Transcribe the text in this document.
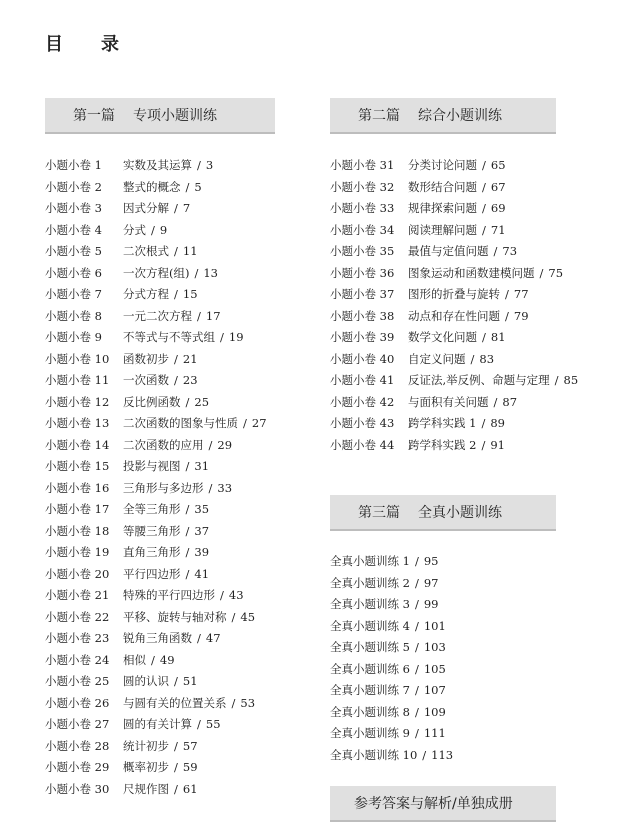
目　录
第一篇 专项小题训练	第二篇 综合小题训练
第三篇 全真小题训练
参考答案与解析/单独成册
小题小卷 1	实数及其运算 / 3
小题小卷 2	整式的概念 / 5
小题小卷 3	因式分解 / 7
小题小卷 4	分式 / 9
小题小卷 5	二次根式 / 11
小题小卷 6	一次方程(组) / 13
小题小卷 7	分式方程 / 15
小题小卷 8	一元二次方程 / 17
小题小卷 9	不等式与不等式组 / 19
小题小卷 10	函数初步 / 21
小题小卷 11	一次函数 / 23
小题小卷 12	反比例函数 / 25
小题小卷 13	二次函数的图象与性质 / 27
小题小卷 14	二次函数的应用 / 29
小题小卷 15	投影与视图 / 31
小题小卷 16	三角形与多边形 / 33
小题小卷 17	全等三角形 / 35
小题小卷 18	等腰三角形 / 37
小题小卷 19	直角三角形 / 39
小题小卷 20	平行四边形 / 41
小题小卷 21	特殊的平行四边形 / 43
小题小卷 22	平移、旋转与轴对称 / 45
小题小卷 23	锐角三角函数 / 47
小题小卷 24	相似 / 49
小题小卷 25	圆的认识 / 51
小题小卷 26	与圆有关的位置关系 / 53
小题小卷 27	圆的有关计算 / 55
小题小卷 28	统计初步 / 57
小题小卷 29	概率初步 / 59
小题小卷 30	尺规作图 / 61
小题小卷 31	分类讨论问题 / 65
小题小卷 32	数形结合问题 / 67
小题小卷 33	规律探索问题 / 69
小题小卷 34	阅读理解问题 / 71
小题小卷 35	最值与定值问题 / 73
小题小卷 36	图象运动和函数建模问题 / 75
小题小卷 37	图形的折叠与旋转 / 77
小题小卷 38	动点和存在性问题 / 79
小题小卷 39	数学文化问题 / 81
小题小卷 40	自定义问题 / 83
小题小卷 41	反证法,举反例、命题与定理 / 85
小题小卷 42	与面积有关问题 / 87
小题小卷 43	跨学科实践 1 / 89
小题小卷 44	跨学科实践 2 / 91
全真小题训练 1 / 95
全真小题训练 2 / 97
全真小题训练 3 / 99
全真小题训练 4 / 101
全真小题训练 5 / 103
全真小题训练 6 / 105
全真小题训练 7 / 107
全真小题训练 8 / 109
全真小题训练 9 / 111
全真小题训练 10 / 113
